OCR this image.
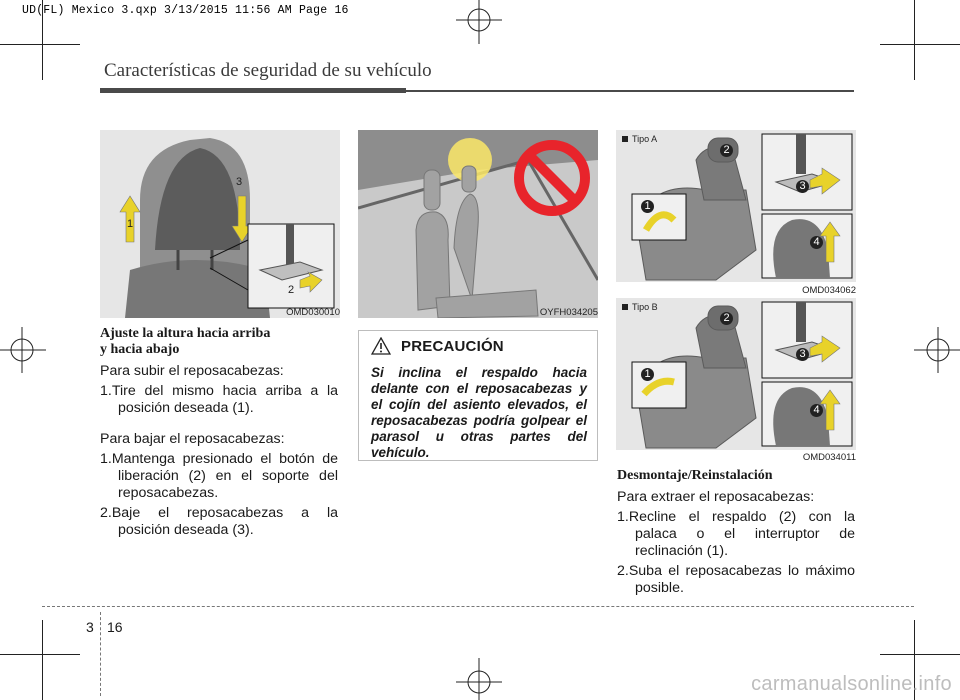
UD(FL) Mexico 3.qxp 3/13/2015 11:56 AM Page 16
Características de seguridad de su vehículo
1
3
2
OMD030010	OYFH034205
Tipo A
1
2
3
4
OMD034062
Tipo B
1
2
3
4
OMD034011
Ajuste la altura hacia arriba
y hacia abajo
Para subir el reposacabezas:
1.Tire del mismo hacia arriba a la posición deseada (1).
Para bajar el reposacabezas:
1.Mantenga presionado el botón de liberación (2) en el soporte del reposacabezas.
2.Baje el reposacabezas a la posición deseada (3).
PRECAUCIÓN
Si inclina el respaldo hacia delante con el reposacabezas y el cojín del asiento elevados, el reposacabezas podría golpear el parasol u otras partes del vehículo.
Desmontaje/Reinstalación
Para extraer el reposacabezas:
1.Recline el respaldo (2) con la palaca o el interruptor de reclinación (1).
2.Suba el reposacabezas lo máximo posible.
3 16
carmanualsonline.info
